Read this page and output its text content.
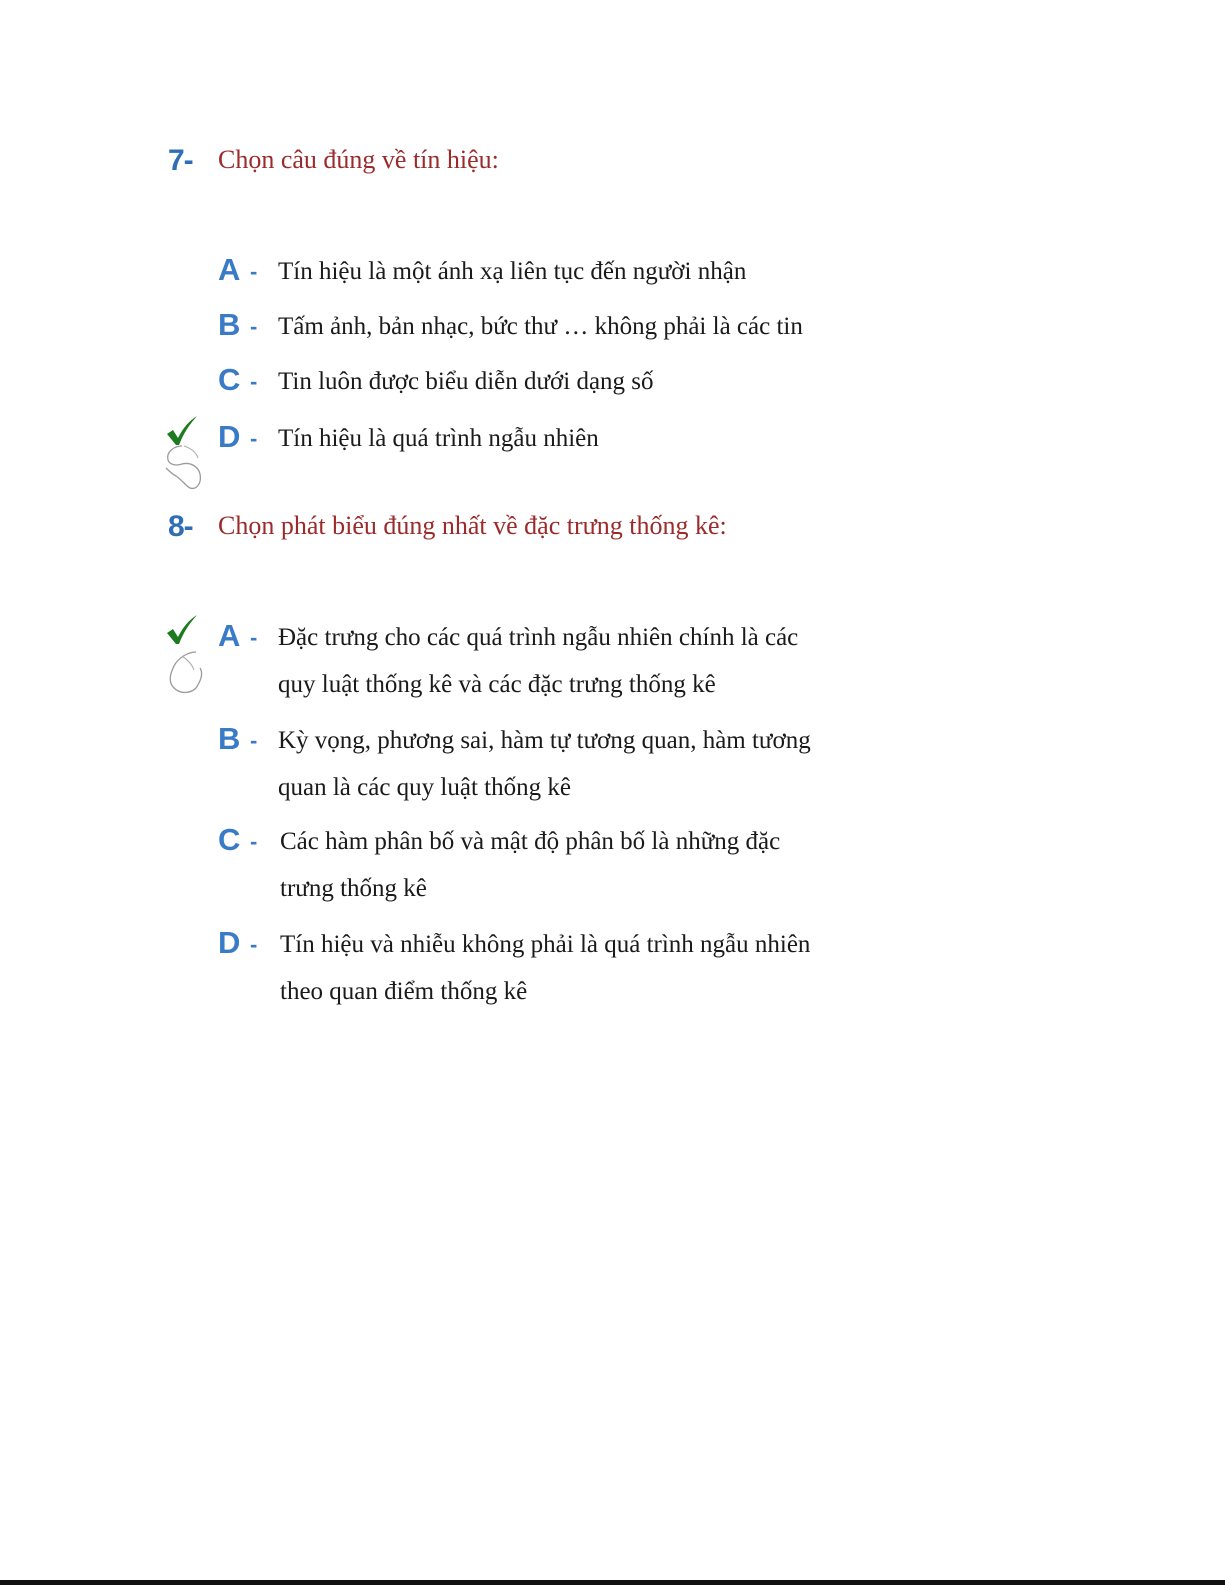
7- Chọn câu đúng về tín hiệu:
A - Tín hiệu là một ánh xạ liên tục đến người nhận
B - Tấm ảnh, bản nhạc, bức thư … không phải là các tin
C - Tin luôn được biểu diễn dưới dạng số
D - Tín hiệu là quá trình ngẫu nhiên
8- Chọn phát biểu đúng nhất về đặc trưng thống kê:
A - Đặc trưng cho các quá trình ngẫu nhiên chính là các
quy luật thống kê và các đặc trưng thống kê
B - Kỳ vọng, phương sai, hàm tự tương quan, hàm tương
quan là các quy luật thống kê
C - Các hàm phân bố và mật độ phân bố là những đặc
trưng thống kê
D - Tín hiệu và nhiễu không phải là quá trình ngẫu nhiên
theo quan điểm thống kê
